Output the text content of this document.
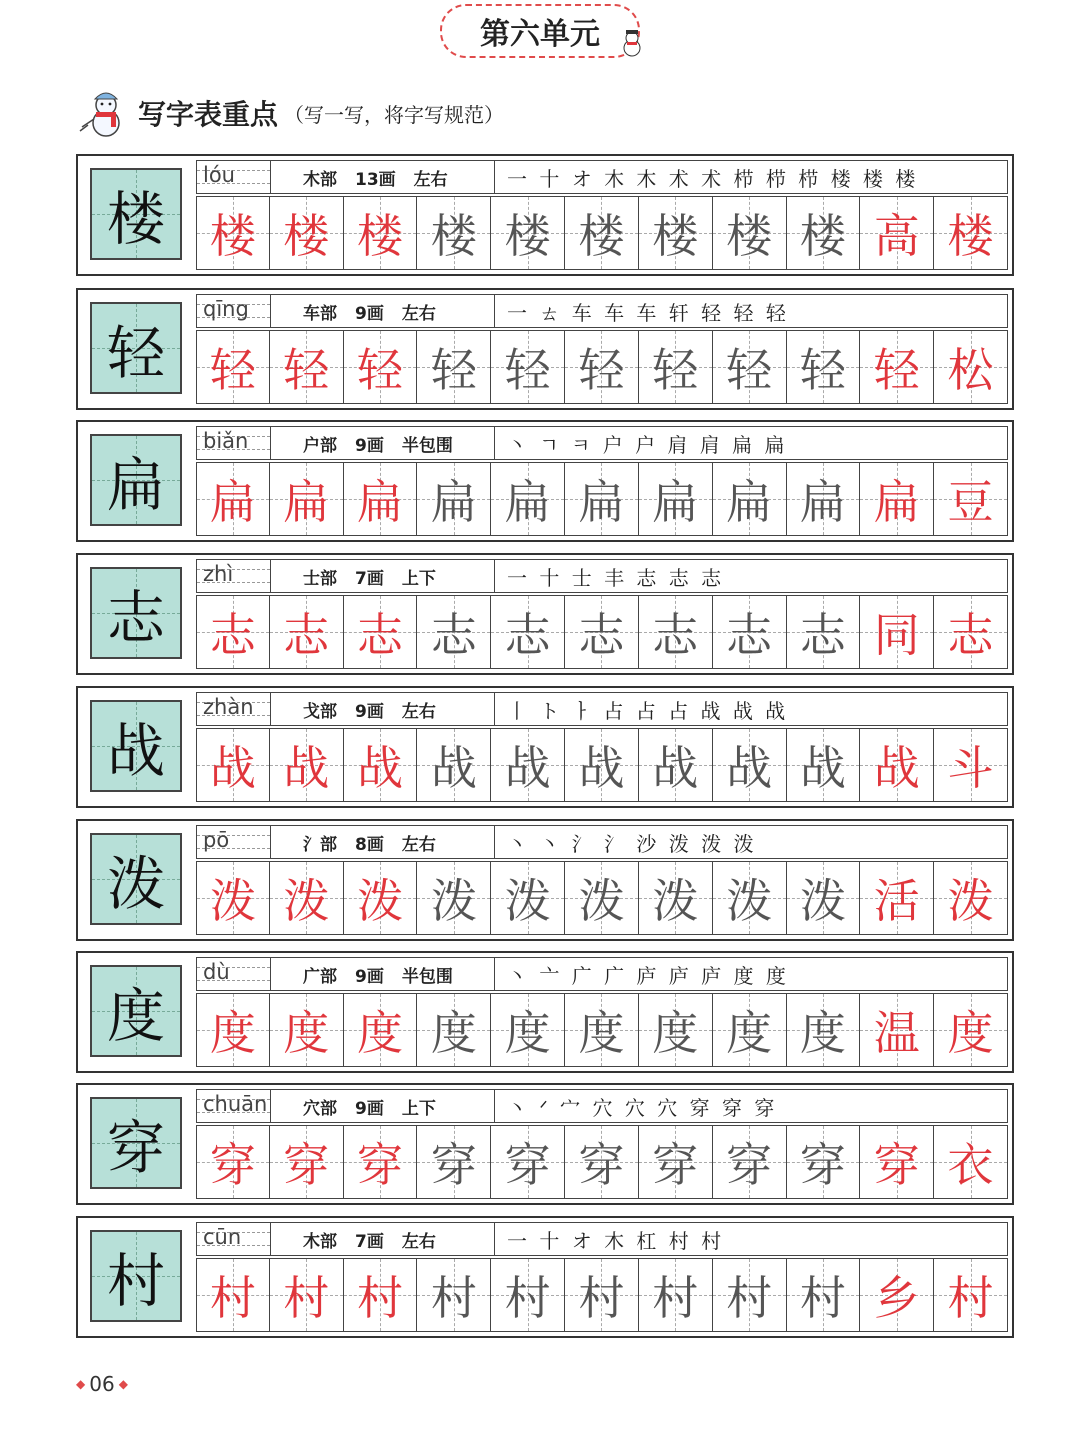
第六单元
写字表重点 （写一写，将字写规范）
楼
lóu	木部 13画 左右	一 十 オ 木 木 术 术 栉 栉 栉 楼 楼 楼
楼 楼 楼 楼 楼 楼 楼 楼 楼 高 楼
轻
qīng	车部 9画 左右	一 ㄊ 车 车 车 轩 轻 轻 轻
轻 轻 轻 轻 轻 轻 轻 轻 轻 轻 松
扁
biǎn	户部 9画 半包围	丶 ㄱ ㅋ 户 户 肩 肩 扁 扁
扁 扁 扁 扁 扁 扁 扁 扁 扁 扁 豆
志
zhì	士部 7画 上下	一 十 士 丰 志 志 志
志 志 志 志 志 志 志 志 志 同 志
战
zhàn	戈部 9画 左右	丨 ト ㅏ 占 占 占 战 战 战
战 战 战 战 战 战 战 战 战 战 斗
泼
pō	氵部 8画 左右	丶 丶 氵 氵 沙 泼 泼 泼
泼 泼 泼 泼 泼 泼 泼 泼 泼 活 泼
度
dù	广部 9画 半包围	丶 亠 广 广 庐 庐 庐 度 度
度 度 度 度 度 度 度 度 度 温 度
穿
chuān 穴部 9画 上下	丶 ᐟ 宀 穴 穴 穴 穿 穿 穿
穿 穿 穿 穿 穿 穿 穿 穿 穿 穿 衣
村
cūn	木部 7画 左右	一 十 オ 木 杠 村 村
村 村 村 村 村 村 村 村 村 乡 村
◆ 06 ◆
